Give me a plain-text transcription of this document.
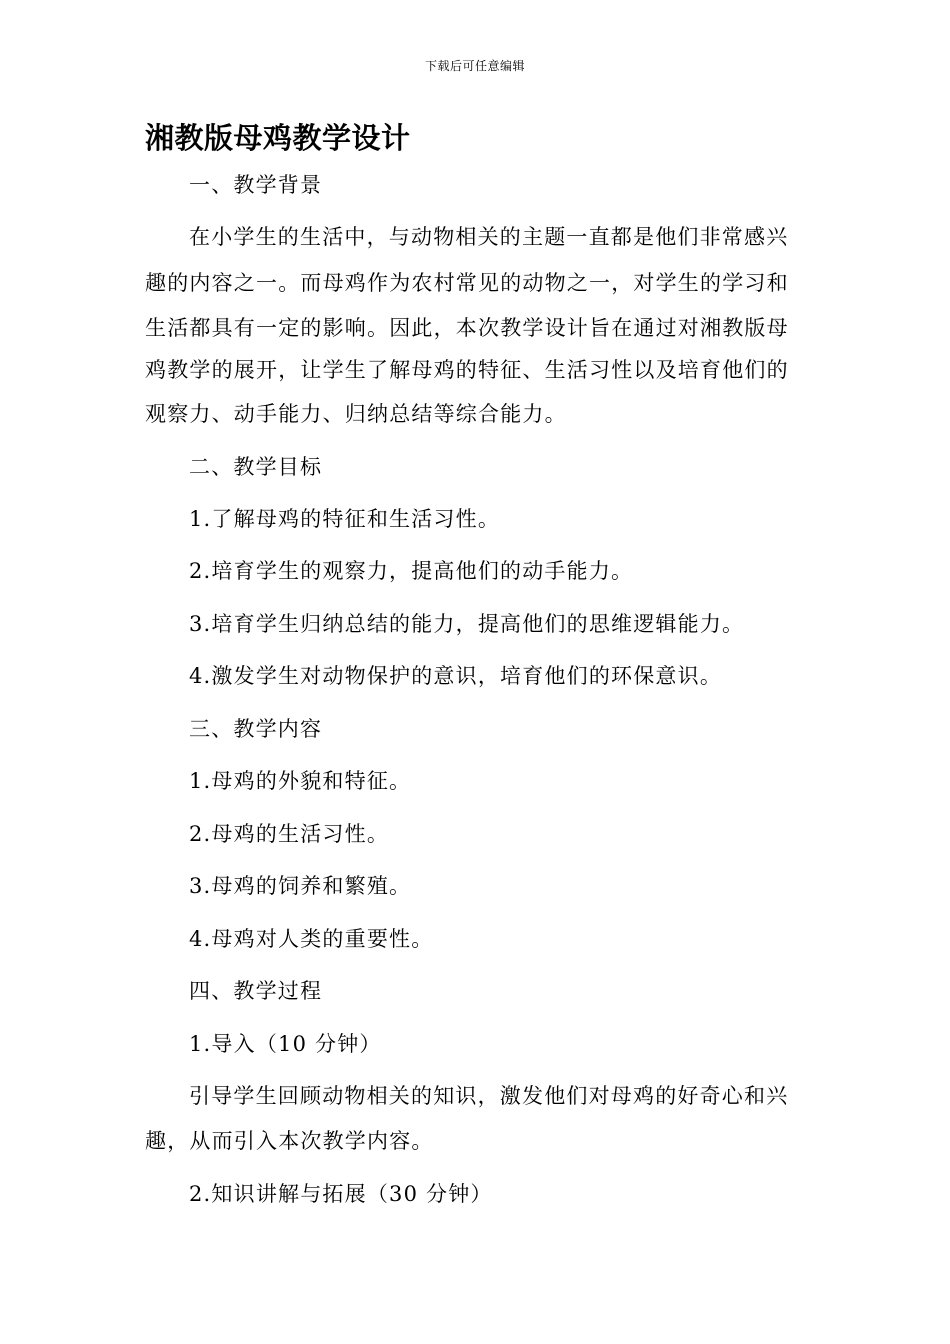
下载后可任意编辑
湘教版母鸡教学设计
一、教学背景
在小学生的生活中，与动物相关的主题一直都是他们非常感兴
趣的内容之一。而母鸡作为农村常见的动物之一，对学生的学习和
生活都具有一定的影响。因此，本次教学设计旨在通过对湘教版母
鸡教学的展开，让学生了解母鸡的特征、生活习性以及培育他们的
观察力、动手能力、归纳总结等综合能力。
二、教学目标
1.了解母鸡的特征和生活习性。
2.培育学生的观察力，提高他们的动手能力。
3.培育学生归纳总结的能力，提高他们的思维逻辑能力。
4.激发学生对动物保护的意识，培育他们的环保意识。
三、教学内容
1.母鸡的外貌和特征。
2.母鸡的生活习性。
3.母鸡的饲养和繁殖。
4.母鸡对人类的重要性。
四、教学过程
1.导入（10 分钟）
引导学生回顾动物相关的知识，激发他们对母鸡的好奇心和兴
趣，从而引入本次教学内容。
2.知识讲解与拓展（30 分钟）
